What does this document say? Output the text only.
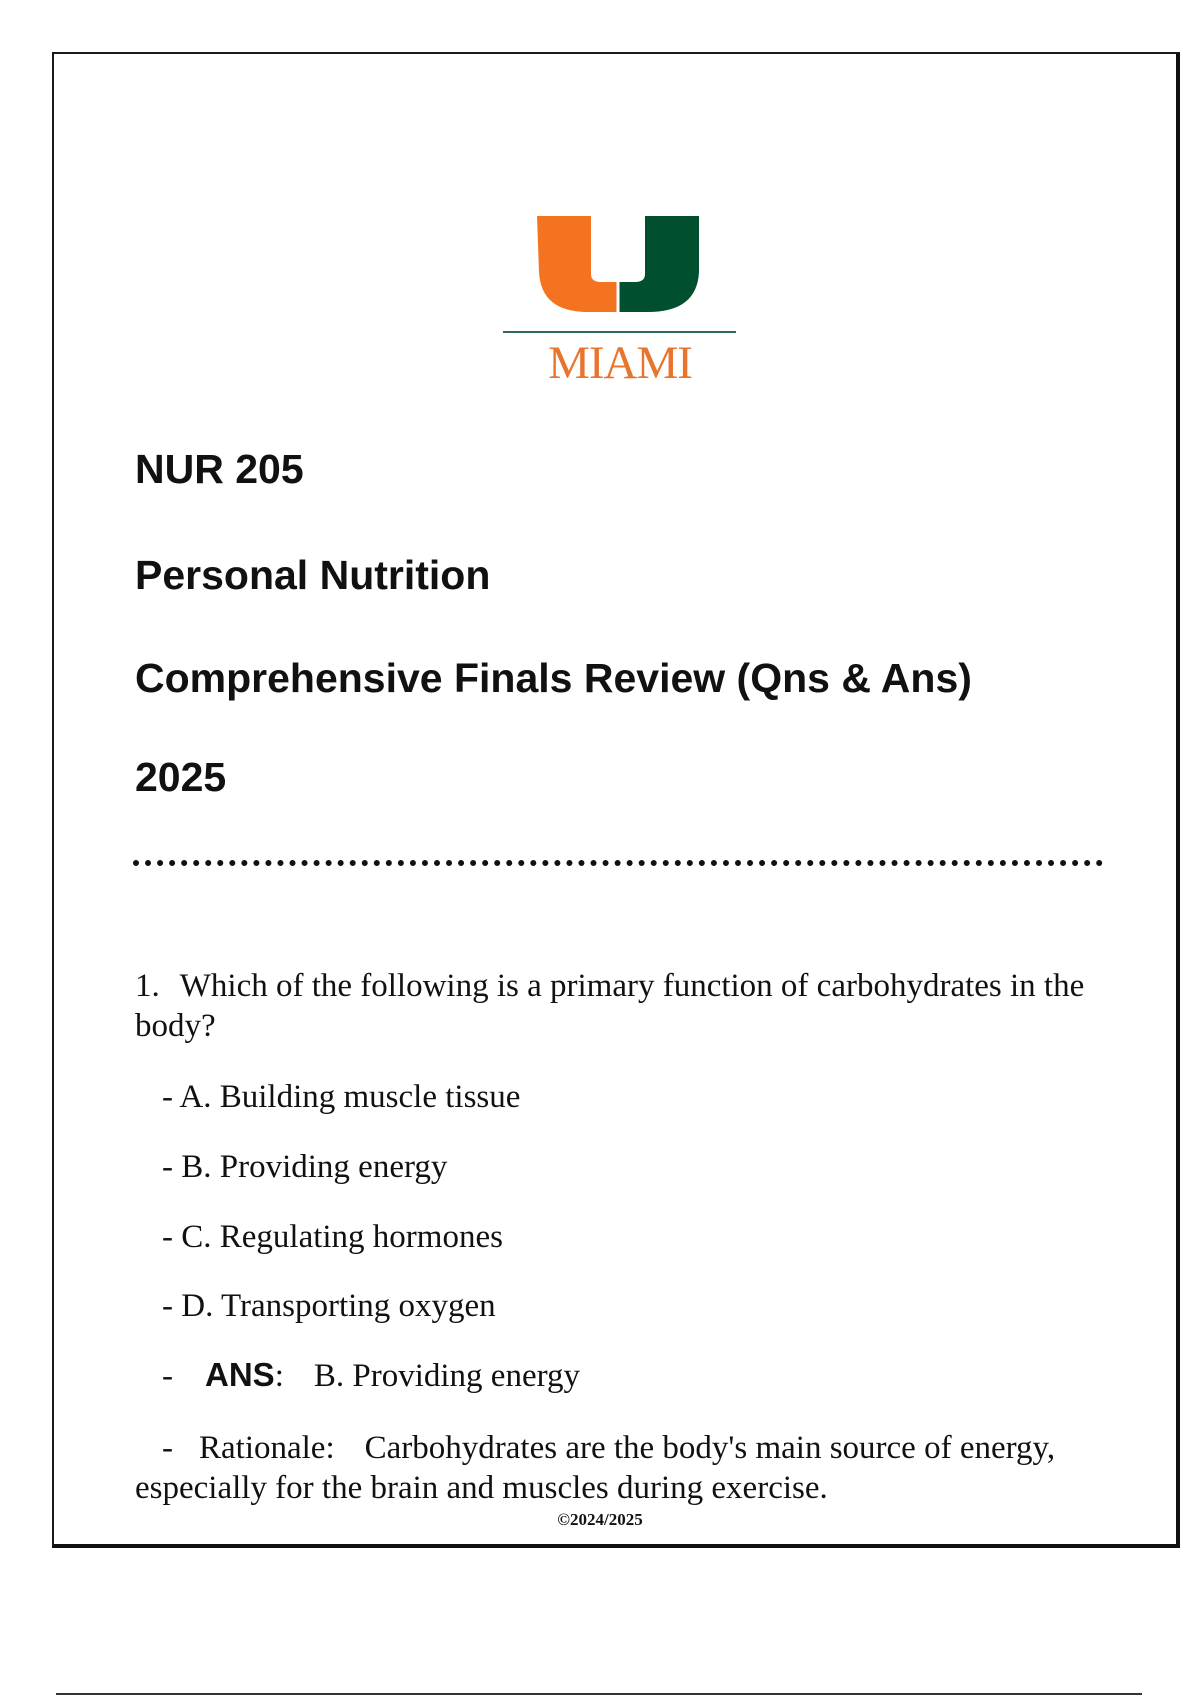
MIAMI
NUR 205
Personal Nutrition
Comprehensive Finals Review (Qns & Ans)
2025
1. Which of the following is a primary function of carbohydrates in the body?
- A. Building muscle tissue
- B. Providing energy
- C. Regulating hormones
- D. Transporting oxygen
- ANS: B. Providing energy
- Rationale: Carbohydrates are the body's main source of energy, especially for the brain and muscles during exercise.
©2024/2025
